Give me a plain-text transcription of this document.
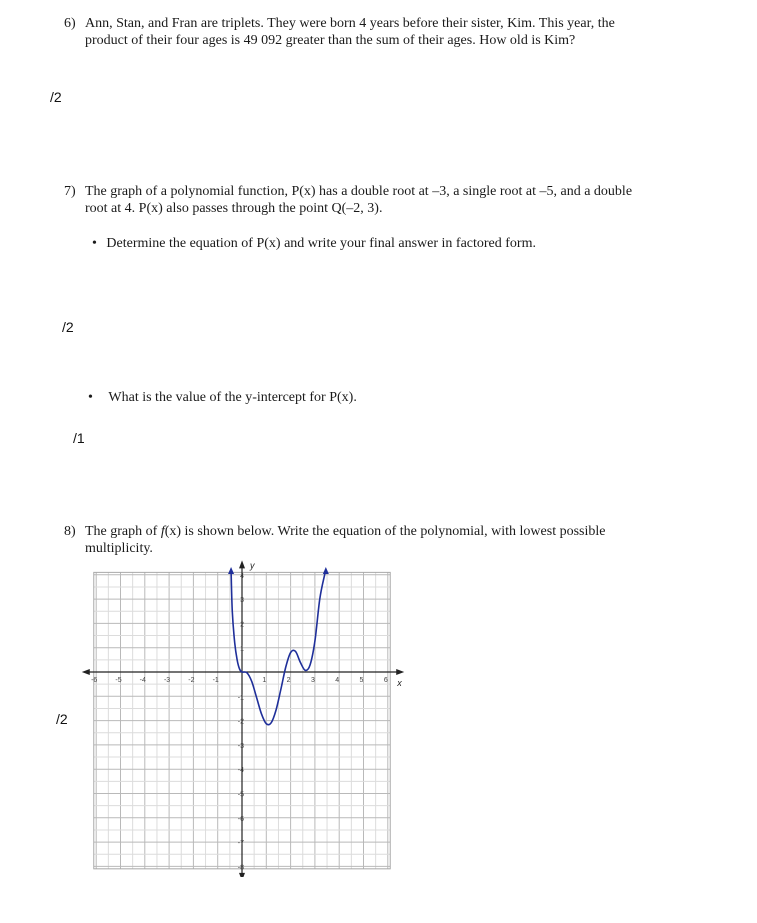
6) Ann, Stan, and Fran are triplets. They were born 4 years before their sister, Kim. This year, the
product of their four ages is 49 092 greater than the sum of their ages. How old is Kim?
/2
7) The graph of a polynomial function, P(x) has a double root at –3, a single root at –5, and a double
root at 4. P(x) also passes through the point Q(–2, 3).
• Determine the equation of P(x) and write your final answer in factored form.
/2
• What is the value of the y-intercept for P(x).
/1
8) The graph of f(x) is shown below. Write the equation of the polynomial, with lowest possible
multiplicity.
/2
x
y
-6	-5	-4	-3	-2	-1	1	2	3	4	5	6
-8
-7
-6
-5
-4
-3
-2
-1
1
2
3
4
